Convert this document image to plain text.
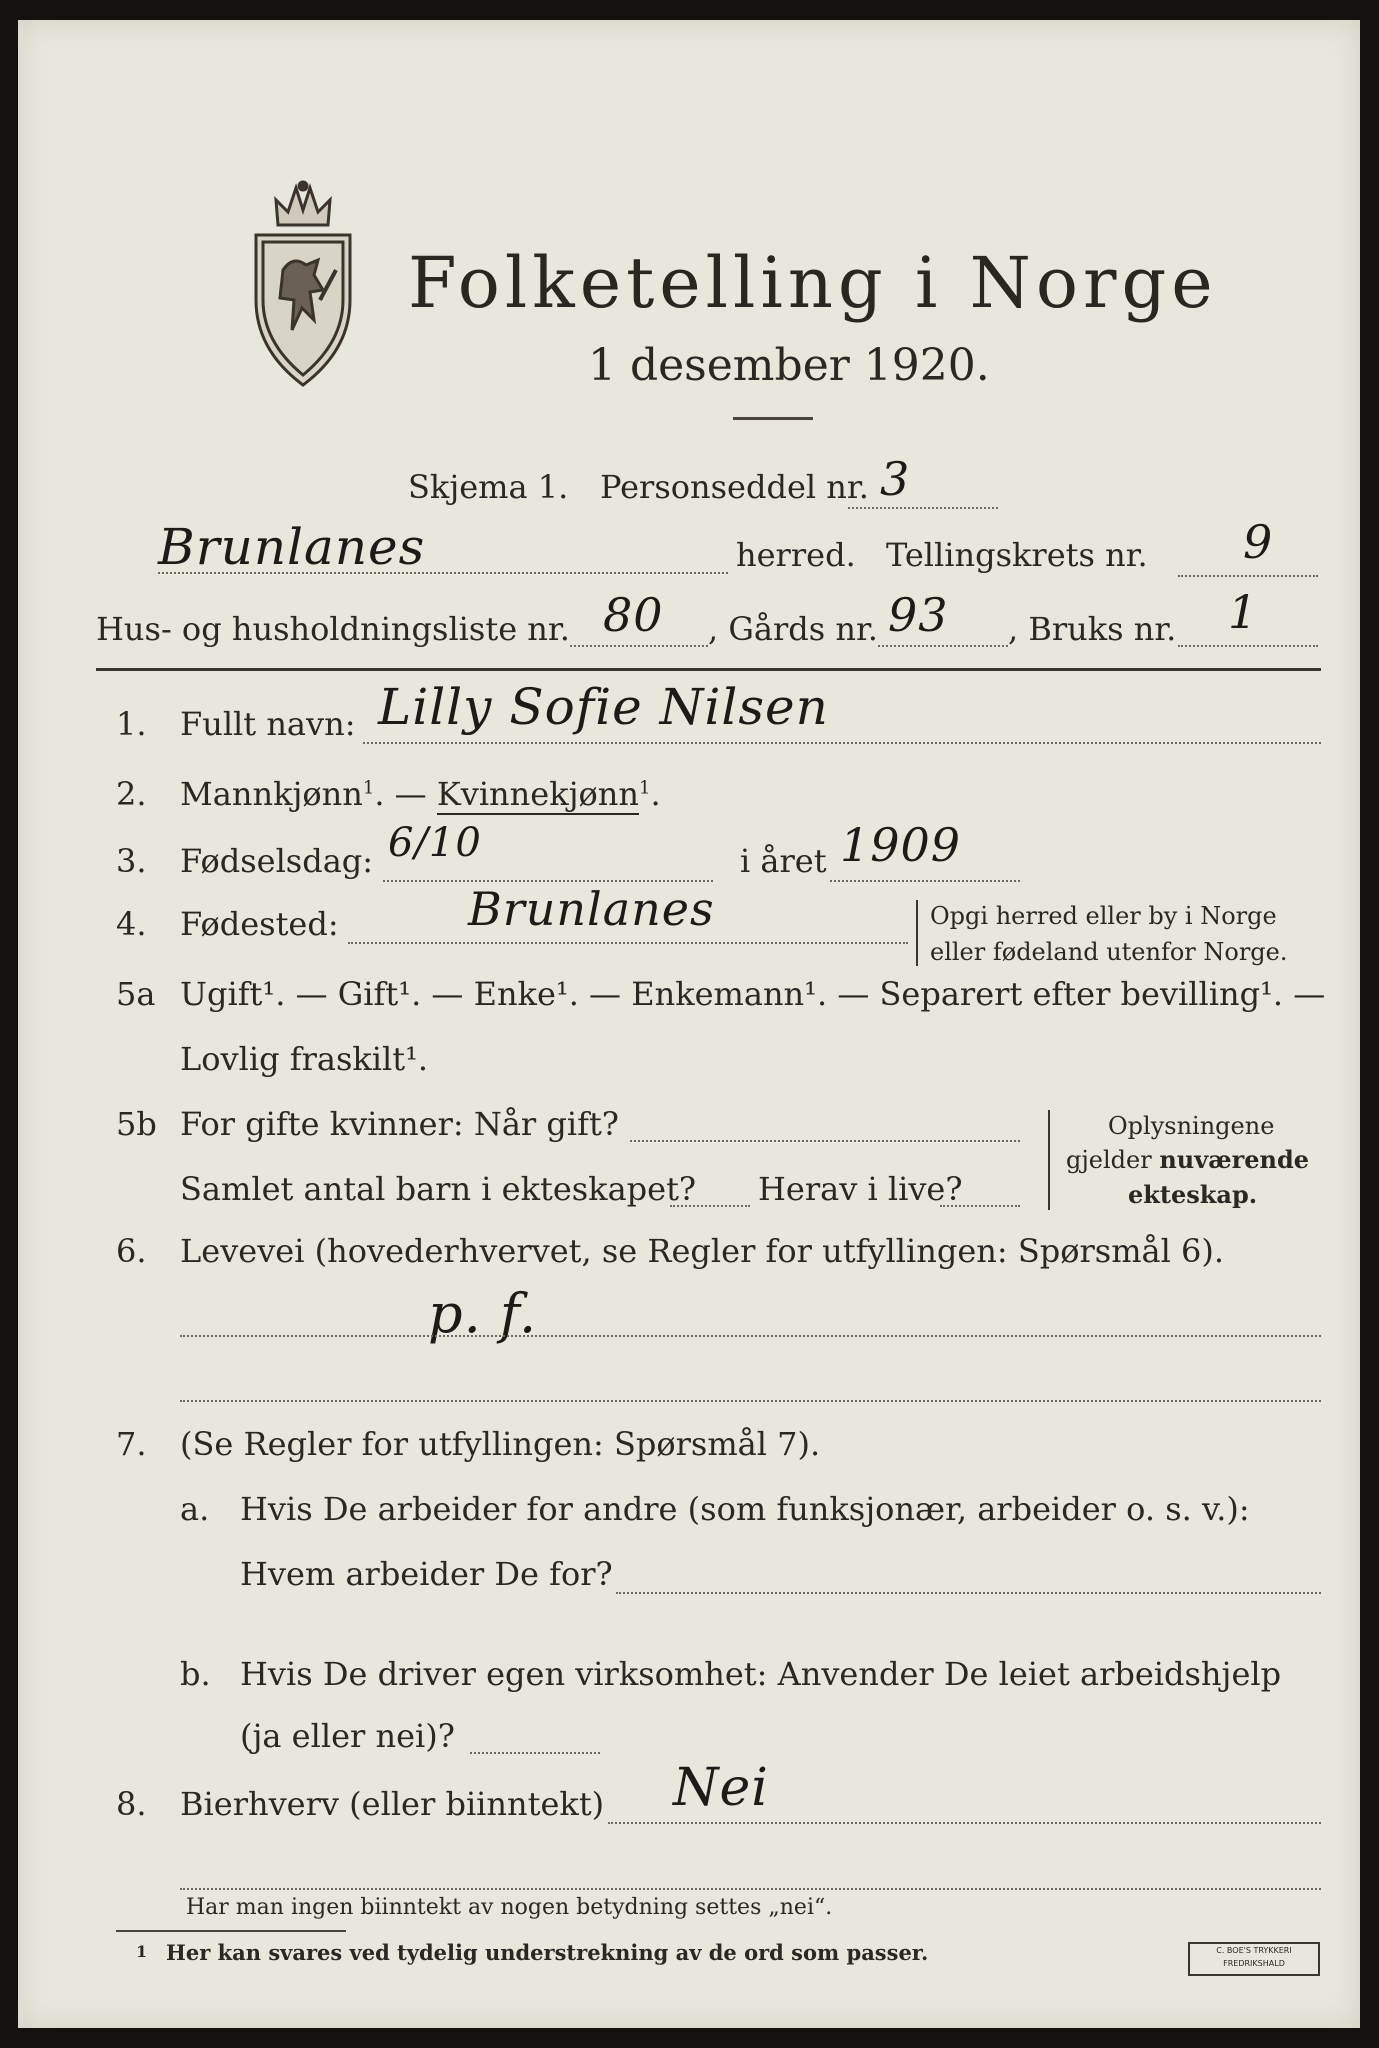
Folketelling i Norge
1 desember 1920.
Skjema 1. Personseddel nr. 3
Brunlanes	herred. Tellingskrets nr. 9
Hus- og husholdningsliste nr. 80 , Gårds nr. 93 , Bruks nr. 1
1. Fullt navn: Lilly Sofie Nilsen
2. Mannkjønn$^1$. — Kvinnekjønn$^1$.
3. Fødselsdag: 6/10	i året 1909
4. Fødested:	Brunlanes	Opgi herred eller by i Norge
eller fødeland utenfor Norge.
5a Ugift¹. — Gift¹. — Enke¹. — Enkemann¹. — Separert efter bevilling¹. —
Lovlig fraskilt¹.
5b For gifte kvinner: Når gift?
Samlet antal barn i ekteskapet? Herav i live?
Oplysningene
gjelder nuværende
ekteskap.
6. Levevei (hovederhvervet, se Regler for utfyllingen: Spørsmål 6).
p. f.
7. (Se Regler for utfyllingen: Spørsmål 7).
a. Hvis De arbeider for andre (som funksjonær, arbeider o. s. v.):
Hvem arbeider De for?
b. Hvis De driver egen virksomhet: Anvender De leiet arbeidshjelp
(ja eller nei)?
8. Bierhverv (eller biinntekt) Nei
Har man ingen biinntekt av nogen betydning settes „nei“.
1 Her kan svares ved tydelig understrekning av de ord som passer.	C. BOE'S TRYKKERI
FREDRIKSHALD
